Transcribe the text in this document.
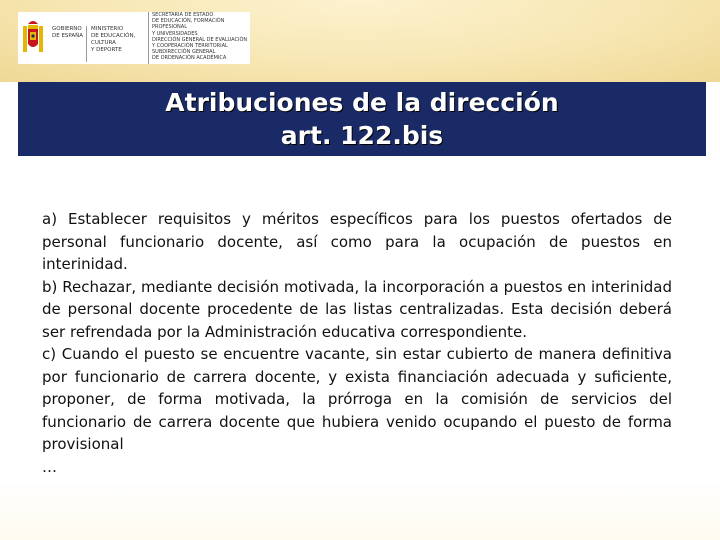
GOBIERNO
DE ESPAÑA
MINISTERIO
DE EDUCACIÓN, CULTURA
Y DEPORTE
SECRETARÍA DE ESTADO
DE EDUCACIÓN, FORMACIÓN PROFESIONAL
Y UNIVERSIDADES
DIRECCIÓN GENERAL DE EVALUACIÓN
Y COOPERACIÓN TERRITORIAL
SUBDIRECCIÓN GENERAL
DE ORDENACIÓN ACADÉMICA
Atribuciones de la dirección
art. 122.bis

a) Establecer requisitos y méritos específicos para los puestos ofertados de personal funcionario docente, así como para la ocupación de puestos en interinidad.

b) Rechazar, mediante decisión motivada, la incorporación a puestos en interinidad de personal docente procedente de las listas centralizadas. Esta decisión deberá ser refrendada por la Administración educativa correspondiente.

c) Cuando el puesto se encuentre vacante, sin estar cubierto de manera definitiva por funcionario de carrera docente, y exista financiación adecuada y suficiente, proponer, de forma motivada, la prórroga en la comisión de servicios del funcionario de carrera docente que hubiera venido ocupando el puesto de forma provisional

…
